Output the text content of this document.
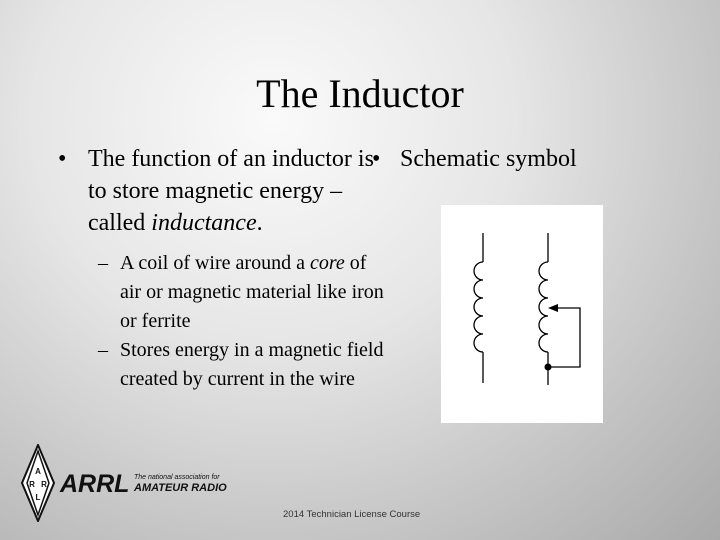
The Inductor
• The function of an inductor is to store magnetic energy – called inductance.
– A coil of wire around a core of air or magnetic material like iron or ferrite
– Stores energy in a magnetic field created by current in the wire
• Schematic symbol
A
R R
L ARRL The national association for
AMATEUR RADIO
2014 Technician License Course
